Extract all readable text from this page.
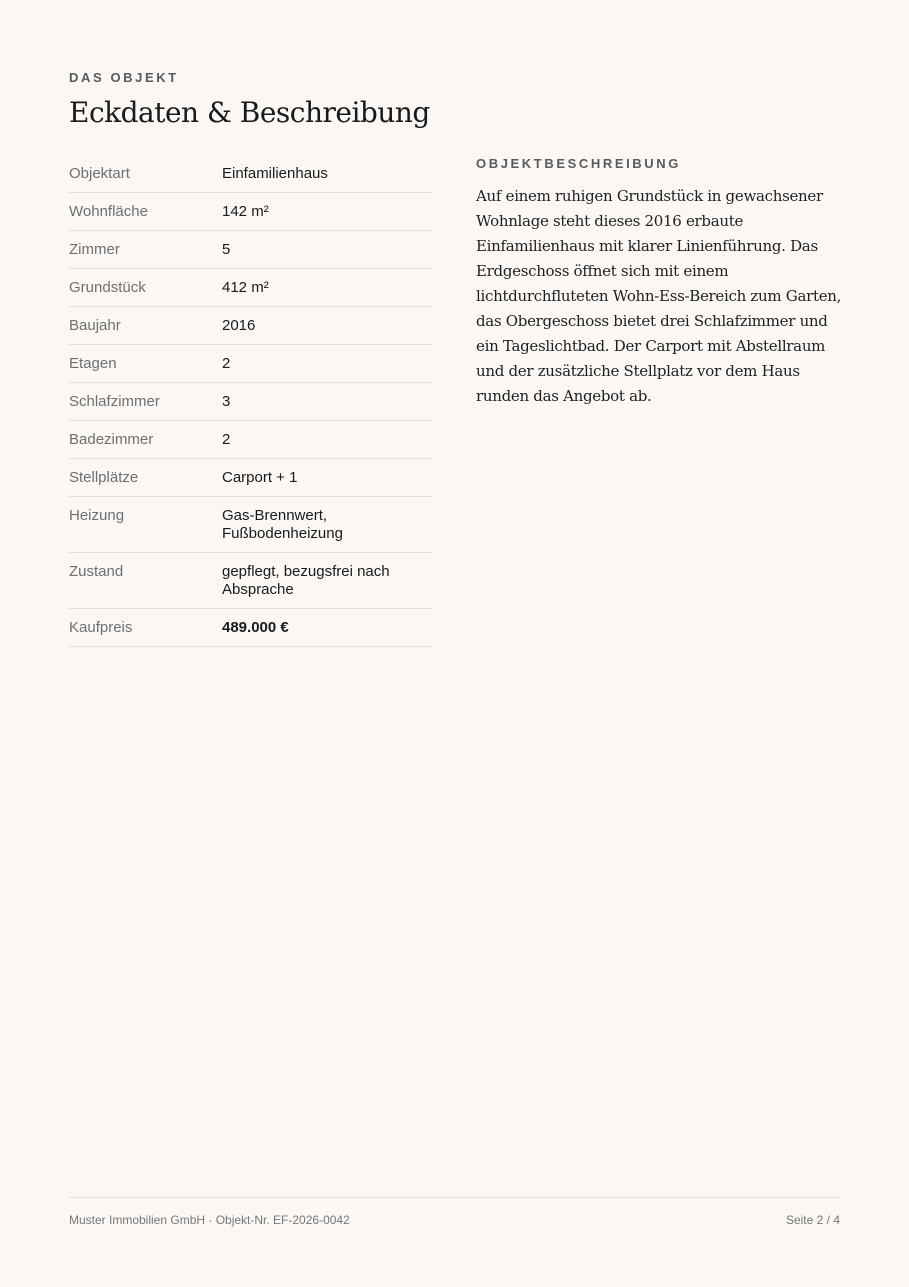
DAS OBJEKT
Eckdaten & Beschreibung
Objektart	Einfamilienhaus
Wohnfläche	142 m²
Zimmer	5
Grundstück	412 m²
Baujahr	2016
Etagen	2
Schlafzimmer	3
Badezimmer	2
Stellplätze	Carport + 1
Heizung	Gas-Brennwert, Fußbodenheizung
Zustand	gepflegt, bezugsfrei nach Absprache
Kaufpreis	489.000 €
OBJEKTBESCHREIBUNG

Auf einem ruhigen Grundstück in gewachsener Wohnlage steht dieses 2016 erbaute Einfamilienhaus mit klarer Linienführung. Das Erdgeschoss öffnet sich mit einem lichtdurchfluteten Wohn-Ess-Bereich zum Garten, das Obergeschoss bietet drei Schlafzimmer und ein Tageslichtbad. Der Carport mit Abstellraum und der zusätzliche Stellplatz vor dem Haus runden das Angebot ab.

Muster Immobilien GmbH · Objekt-Nr. EF-2026-0042	Seite 2 / 4
